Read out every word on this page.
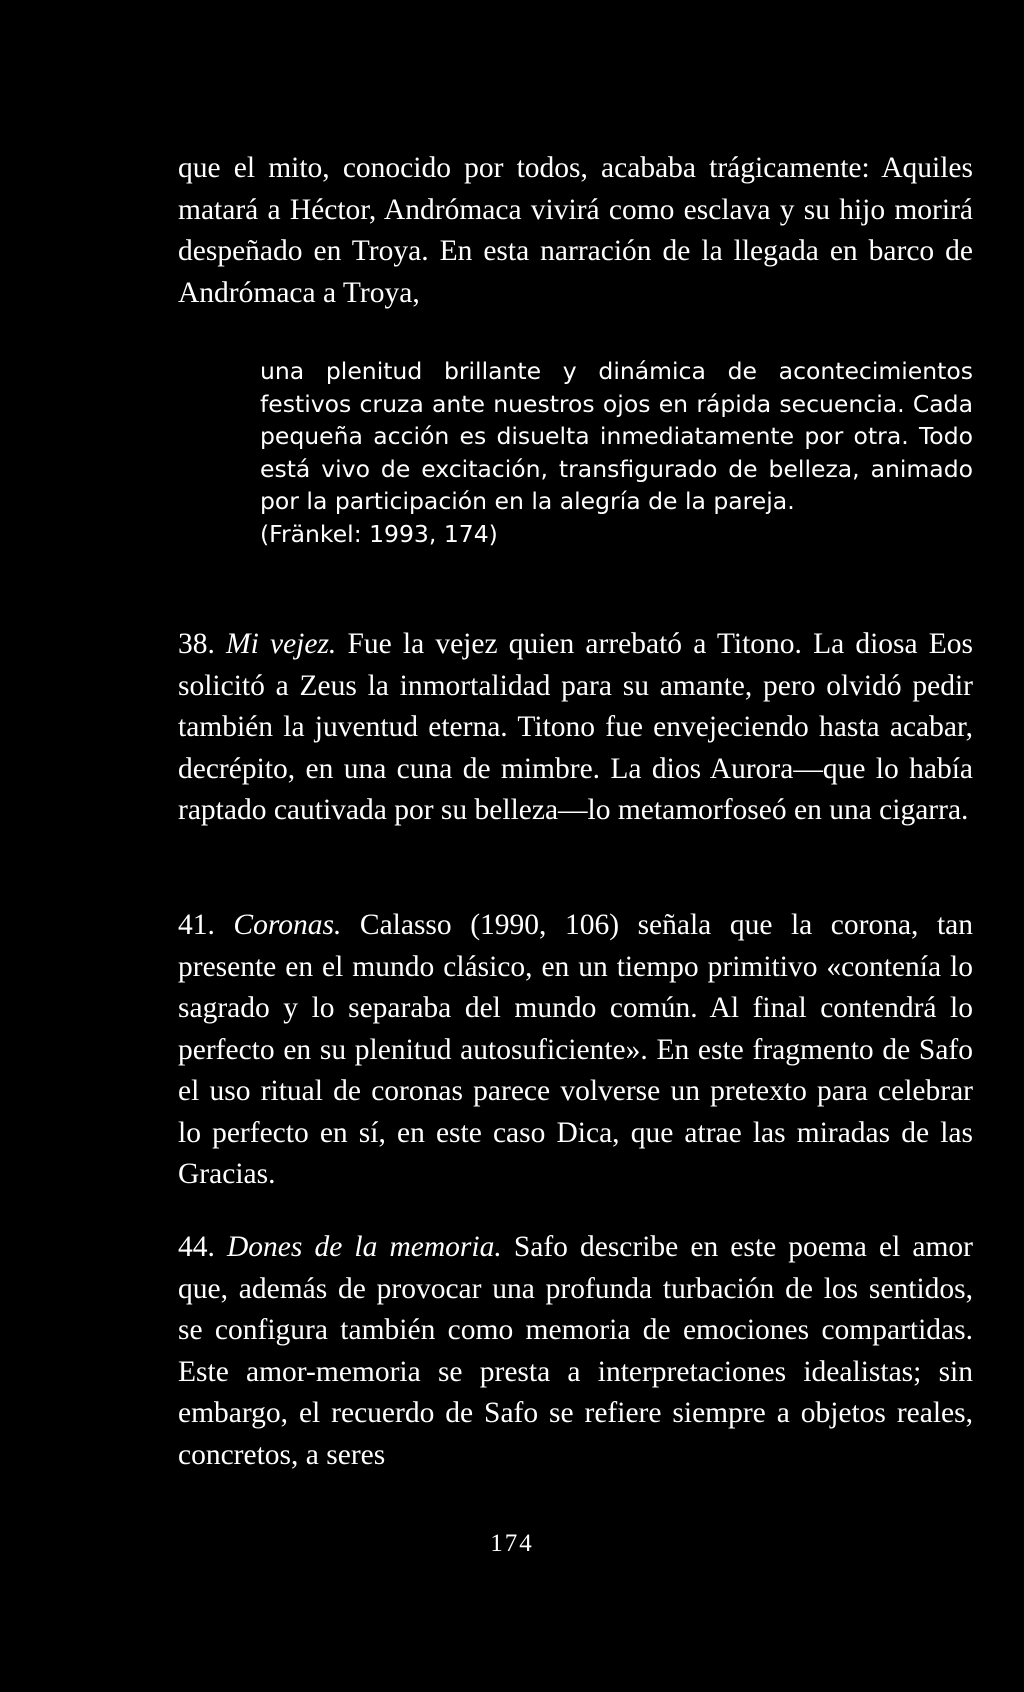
que el mito, conocido por todos, acababa trágicamente: Aquiles matará a Héctor, Andrómaca vivirá como esclava y su hijo morirá despeñado en Troya. En esta narración de la llegada en barco de Andrómaca a Troya,

una plenitud brillante y dinámica de acontecimientos festivos cruza ante nuestros ojos en rápida secuencia. Cada pequeña acción es disuelta inmediatamente por otra. Todo está vivo de excitación, transfigurado de belleza, animado por la participación en la alegría de la pareja.
(Fränkel: 1993, 174)

38. Mi vejez. Fue la vejez quien arrebató a Titono. La diosa Eos solicitó a Zeus la inmortalidad para su amante, pero olvidó pedir también la juventud eterna. Titono fue envejeciendo hasta acabar, decrépito, en una cuna de mimbre. La dios Aurora—que lo había raptado cautivada por su belleza—lo metamorfoseó en una cigarra.

41. Coronas. Calasso (1990, 106) señala que la corona, tan presente en el mundo clásico, en un tiempo primitivo «contenía lo sagrado y lo separaba del mundo común. Al final contendrá lo perfecto en su plenitud autosuficiente». En este fragmento de Safo el uso ritual de coronas parece volverse un pretexto para celebrar lo perfecto en sí, en este caso Dica, que atrae las miradas de las Gracias.

44. Dones de la memoria. Safo describe en este poema el amor que, además de provocar una profunda turbación de los sentidos, se configura también como memoria de emociones compartidas. Este amor-memoria se presta a interpretaciones idealistas; sin embargo, el recuerdo de Safo se refiere siempre a objetos reales, concretos, a seres

174
